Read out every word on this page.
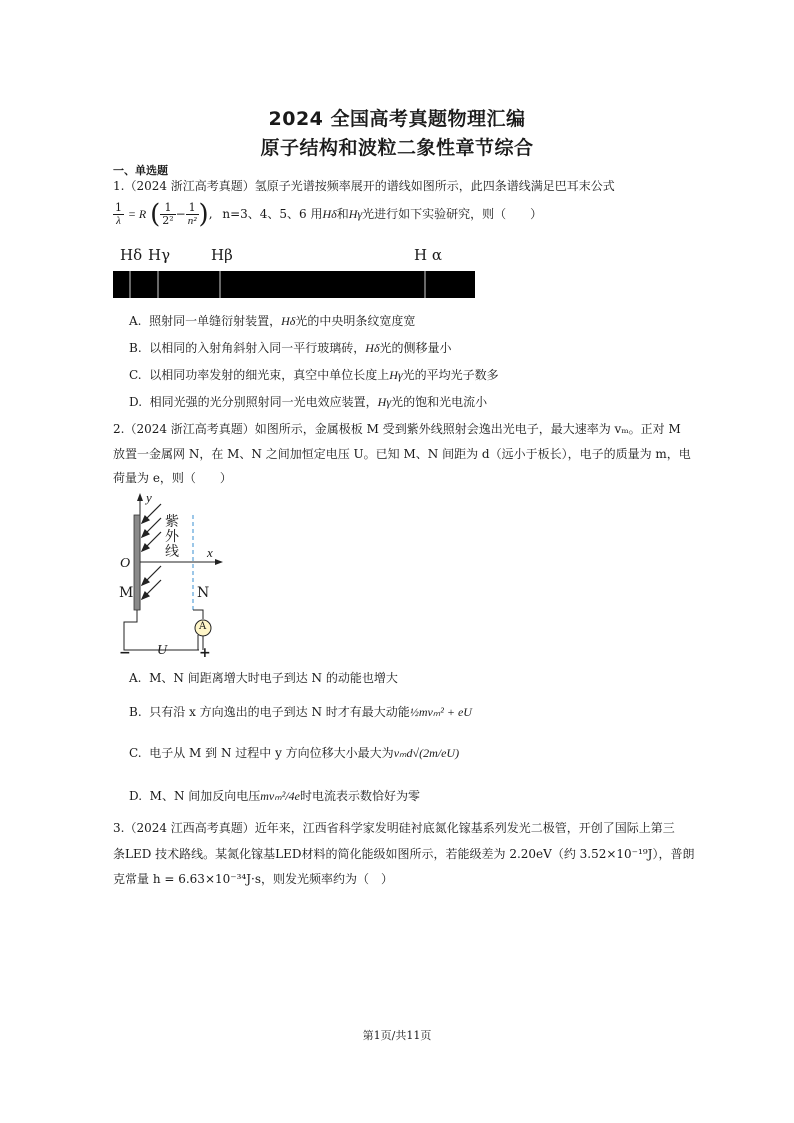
2024 全国高考真题物理汇编
原子结构和波粒二象性章节综合
一、单选题
1.（2024 浙江高考真题）氢原子光谱按频率展开的谱线如图所示，此四条谱线满足巴耳末公式
$\frac{1}{\lambda} = R$ ( $\frac{1}{\text{2²}} - \frac{1}{\text{n²}}$ ), n=3、4、5、6 用Hδ和Hγ光进行如下实验研究，则（　　）
Hδ Hγ	Hβ	H α
A. 照射同一单缝衍射装置，Hδ光的中央明条纹宽度宽
B. 以相同的入射角斜射入同一平行玻璃砖，Hδ光的侧移量小
C. 以相同功率发射的细光束，真空中单位长度上Hγ光的平均光子数多
D. 相同光强的光分别照射同一光电效应装置，Hγ光的饱和光电流小
2.（2024 浙江高考真题）如图所示，金属极板 M 受到紫外线照射会逸出光电子，最大速率为 vₘ。正对 M
放置一金属网 N，在 M、N 之间加恒定电压 U。已知 M、N 间距为 d（远小于板长），电子的质量为 m，电
荷量为 e，则（　　）
y
x
O
M	N
紫
外
线
A
U
−	+
A. M、N 间距离增大时电子到达 N 的动能也增大
B. 只有沿 x 方向逸出的电子到达 N 时才有最大动能½mvₘ² + eU
C. 电子从 M 到 N 过程中 y 方向位移大小最大为vₘd√(2m/eU)
D. M、N 间加反向电压mvₘ²/4e时电流表示数恰好为零
3.（2024 江西高考真题）近年来，江西省科学家发明硅衬底氮化镓基系列发光二极管，开创了国际上第三
条LED 技术路线。某氮化镓基LED材料的简化能级如图所示，若能级差为 2.20eV（约 3.52×10⁻¹⁹J），普朗
克常量 h = 6.63×10⁻³⁴J·s，则发光频率约为（　）
第1页/共11页
